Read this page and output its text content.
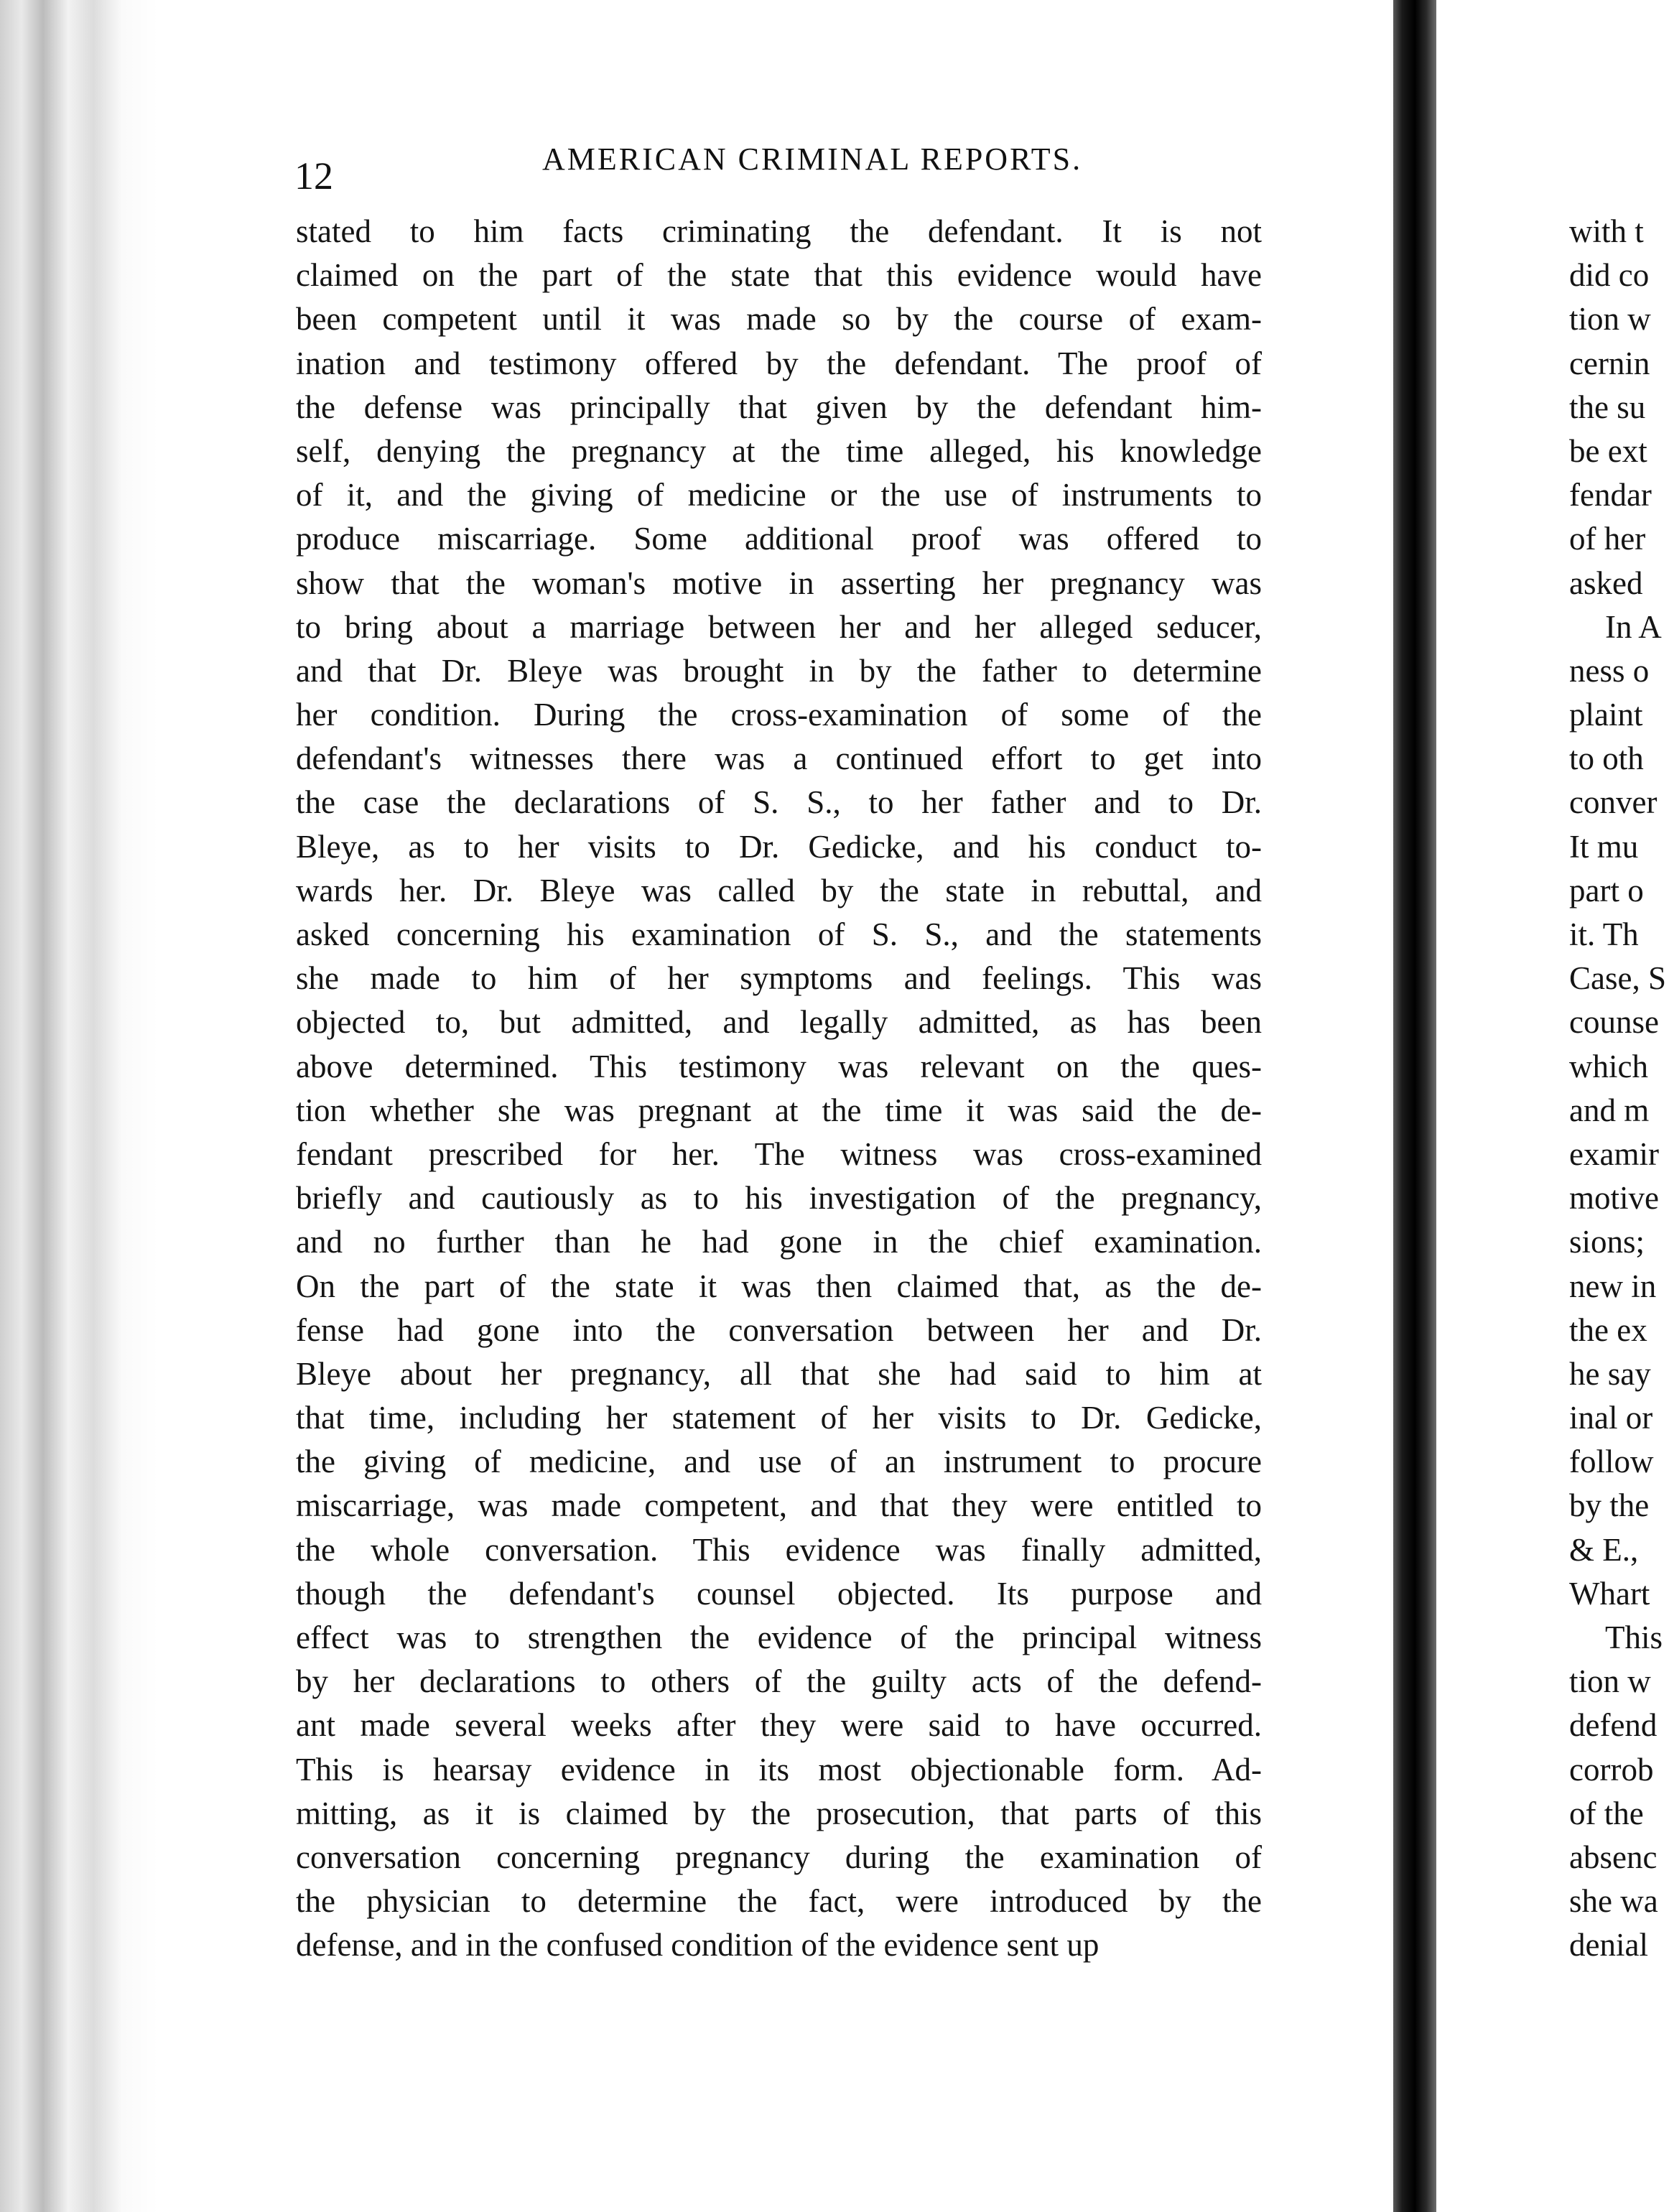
12	AMERICAN CRIMINAL REPORTS.
stated to him facts criminating the defendant. It is not
claimed on the part of the state that this evidence would have
been competent until it was made so by the course of exam-
ination and testimony offered by the defendant. The proof of
the defense was principally that given by the defendant him-
self, denying the pregnancy at the time alleged, his knowledge
of it, and the giving of medicine or the use of instruments to
produce miscarriage. Some additional proof was offered to
show that the woman's motive in asserting her pregnancy was
to bring about a marriage between her and her alleged seducer,
and that Dr. Bleye was brought in by the father to determine
her condition. During the cross-examination of some of the
defendant's witnesses there was a continued effort to get into
the case the declarations of S. S., to her father and to Dr.
Bleye, as to her visits to Dr. Gedicke, and his conduct to-
wards her. Dr. Bleye was called by the state in rebuttal, and
asked concerning his examination of S. S., and the statements
she made to him of her symptoms and feelings. This was
objected to, but admitted, and legally admitted, as has been
above determined. This testimony was relevant on the ques-
tion whether she was pregnant at the time it was said the de-
fendant prescribed for her. The witness was cross-examined
briefly and cautiously as to his investigation of the pregnancy,
and no further than he had gone in the chief examination.
On the part of the state it was then claimed that, as the de-
fense had gone into the conversation between her and Dr.
Bleye about her pregnancy, all that she had said to him at
that time, including her statement of her visits to Dr. Gedicke,
the giving of medicine, and use of an instrument to procure
miscarriage, was made competent, and that they were entitled to
the whole conversation. This evidence was finally admitted,
though the defendant's counsel objected. Its purpose and
effect was to strengthen the evidence of the principal witness
by her declarations to others of the guilty acts of the defend-
ant made several weeks after they were said to have occurred.
This is hearsay evidence in its most objectionable form. Ad-
mitting, as it is claimed by the prosecution, that parts of this
conversation concerning pregnancy during the examination of
the physician to determine the fact, were introduced by the
defense, and in the confused condition of the evidence sent up
with t
did co
tion w
cernin
the su
be ext
fendar
of her
asked
In A
ness o
plaint
to oth
conver
It mu
part o
it. Th
Case, S
counse
which
and m
examir
motive
sions;
new in
the ex
he say
inal or
follow
by the
& E.,
Whart
This
tion w
defend
corrob
of the
absenc
she wa
denial
